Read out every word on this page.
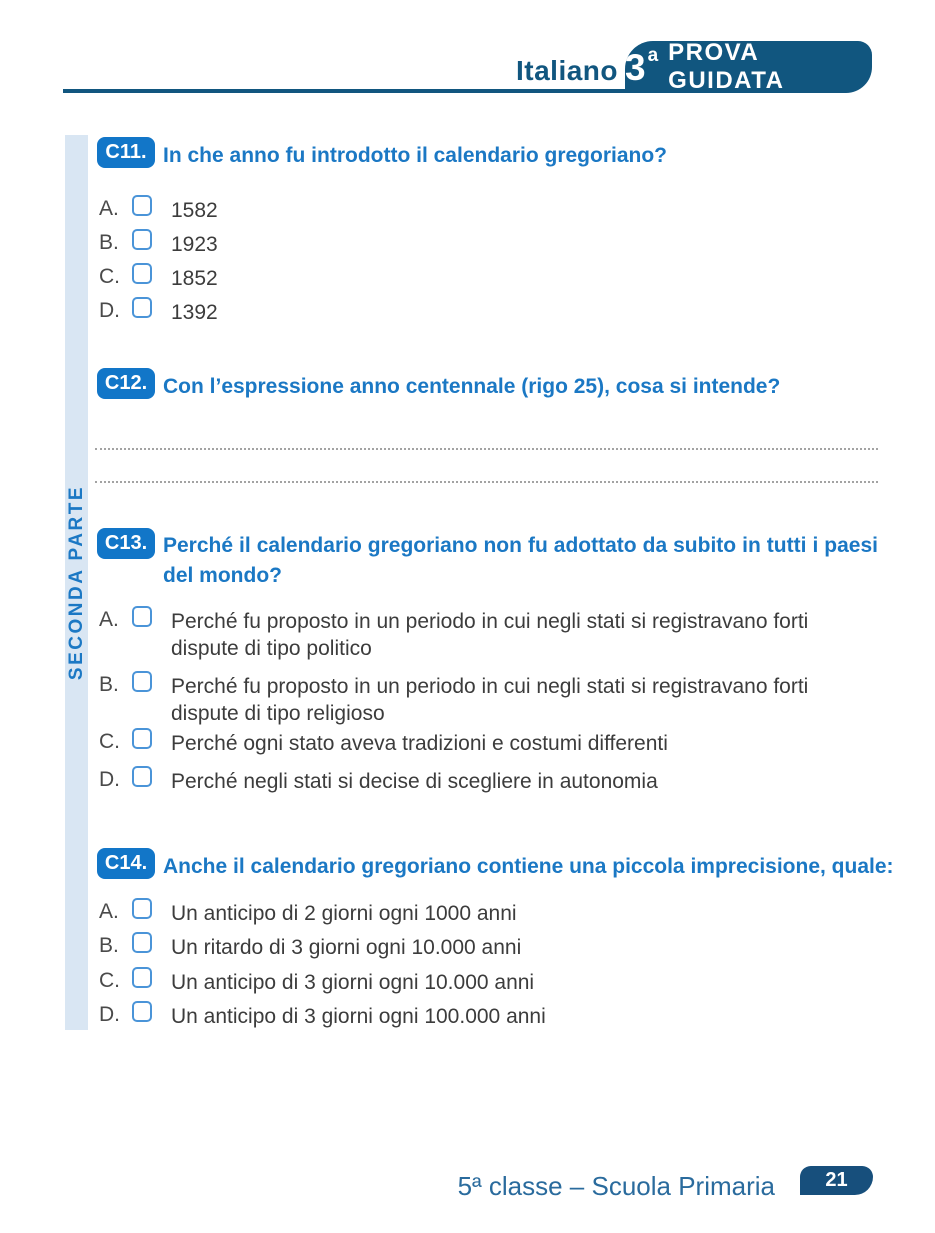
Italiano 3 a PROVA GUIDATA
SECONDA PARTE
C11. In che anno fu introdotto il calendario gregoriano?
A. 1582
B. 1923
C. 1852
D. 1392
C12. Con l’espressione anno centennale (rigo 25), cosa si intende?
C13. Perché il calendario gregoriano non fu adottato da subito in tutti i paesi del mondo?
A. Perché fu proposto in un periodo in cui negli stati si registravano forti dispute di tipo politico
B. Perché fu proposto in un periodo in cui negli stati si registravano forti dispute di tipo religioso
C. Perché ogni stato aveva tradizioni e costumi differenti
D. Perché negli stati si decise di scegliere in autonomia
C14. Anche il calendario gregoriano contiene una piccola imprecisione, quale:
A. Un anticipo di 2 giorni ogni 1000 anni
B. Un ritardo di 3 giorni ogni 10.000 anni
C. Un anticipo di 3 giorni ogni 10.000 anni
D. Un anticipo di 3 giorni ogni 100.000 anni
5ª classe – Scuola Primaria	21
